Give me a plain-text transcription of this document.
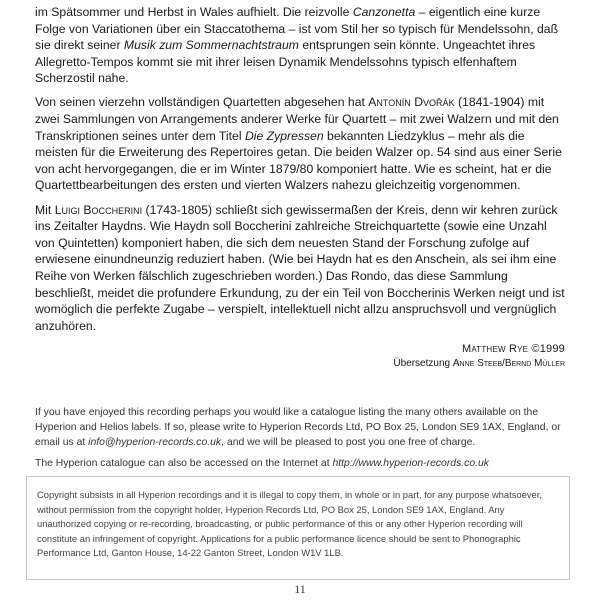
im Spätsommer und Herbst in Wales aufhielt. Die reizvolle Canzonetta – eigentlich eine kurze Folge von Variationen über ein Staccatothema – ist vom Stil her so typisch für Mendelssohn, daß sie direkt seiner Musik zum Sommernachtstraum entsprungen sein könnte. Ungeachtet ihres Allegretto-Tempos kommt sie mit ihrer leisen Dynamik Mendelssohns typisch elfenhaftem Scherzostil nahe.

Von seinen vierzehn vollständigen Quartetten abgesehen hat Antonín Dvořák (1841-1904) mit zwei Sammlungen von Arrangements anderer Werke für Quartett – mit zwei Walzern und mit den Transkriptionen seines unter dem Titel Die Zypressen bekannten Liedzyklus – mehr als die meisten für die Erweiterung des Repertoires getan. Die beiden Walzer op. 54 sind aus einer Serie von acht hervorgegangen, die er im Winter 1879/80 komponiert hatte. Wie es scheint, hat er die Quartettbearbeitungen des ersten und vierten Walzers nahezu gleichzeitig vorgenommen.

Mit Luigi Boccherini (1743-1805) schließt sich gewissermaßen der Kreis, denn wir kehren zurück ins Zeitalter Haydns. Wie Haydn soll Boccherini zahlreiche Streichquartette (sowie eine Unzahl von Quintetten) komponiert haben, die sich dem neuesten Stand der Forschung zufolge auf erwiesene einundneunzig reduziert haben. (Wie bei Haydn hat es den Anschein, als sei ihm eine Reihe von Werken fälschlich zugeschrieben worden.) Das Rondo, das diese Sammlung beschließt, meidet die profundere Erkundung, zu der ein Teil von Boccherinis Werken neigt und ist womöglich die perfekte Zugabe – verspielt, intellektuell nicht allzu anspruchsvoll und vergnüglich anzuhören.

Matthew Rye ©1999

Übersetzung Anne Steeb/Bernd Müller

If you have enjoyed this recording perhaps you would like a catalogue listing the many others available on the Hyperion and Helios labels. If so, please write to Hyperion Records Ltd, PO Box 25, London SE9 1AX, England, or email us at info@hyperion-records.co.uk, and we will be pleased to post you one free of charge.

The Hyperion catalogue can also be accessed on the Internet at http://www.hyperion-records.co.uk

Copyright subsists in all Hyperion recordings and it is illegal to copy them, in whole or in part, for any purpose whatsoever, without permission from the copyright holder, Hyperion Records Ltd, PO Box 25, London SE9 1AX, England. Any unauthorized copying or re-recording, broadcasting, or public performance of this or any other Hyperion recording will constitute an infringement of copyright. Applications for a public performance licence should be sent to Phonographic Performance Ltd, Ganton House, 14-22 Ganton Street, London W1V 1LB.

11
